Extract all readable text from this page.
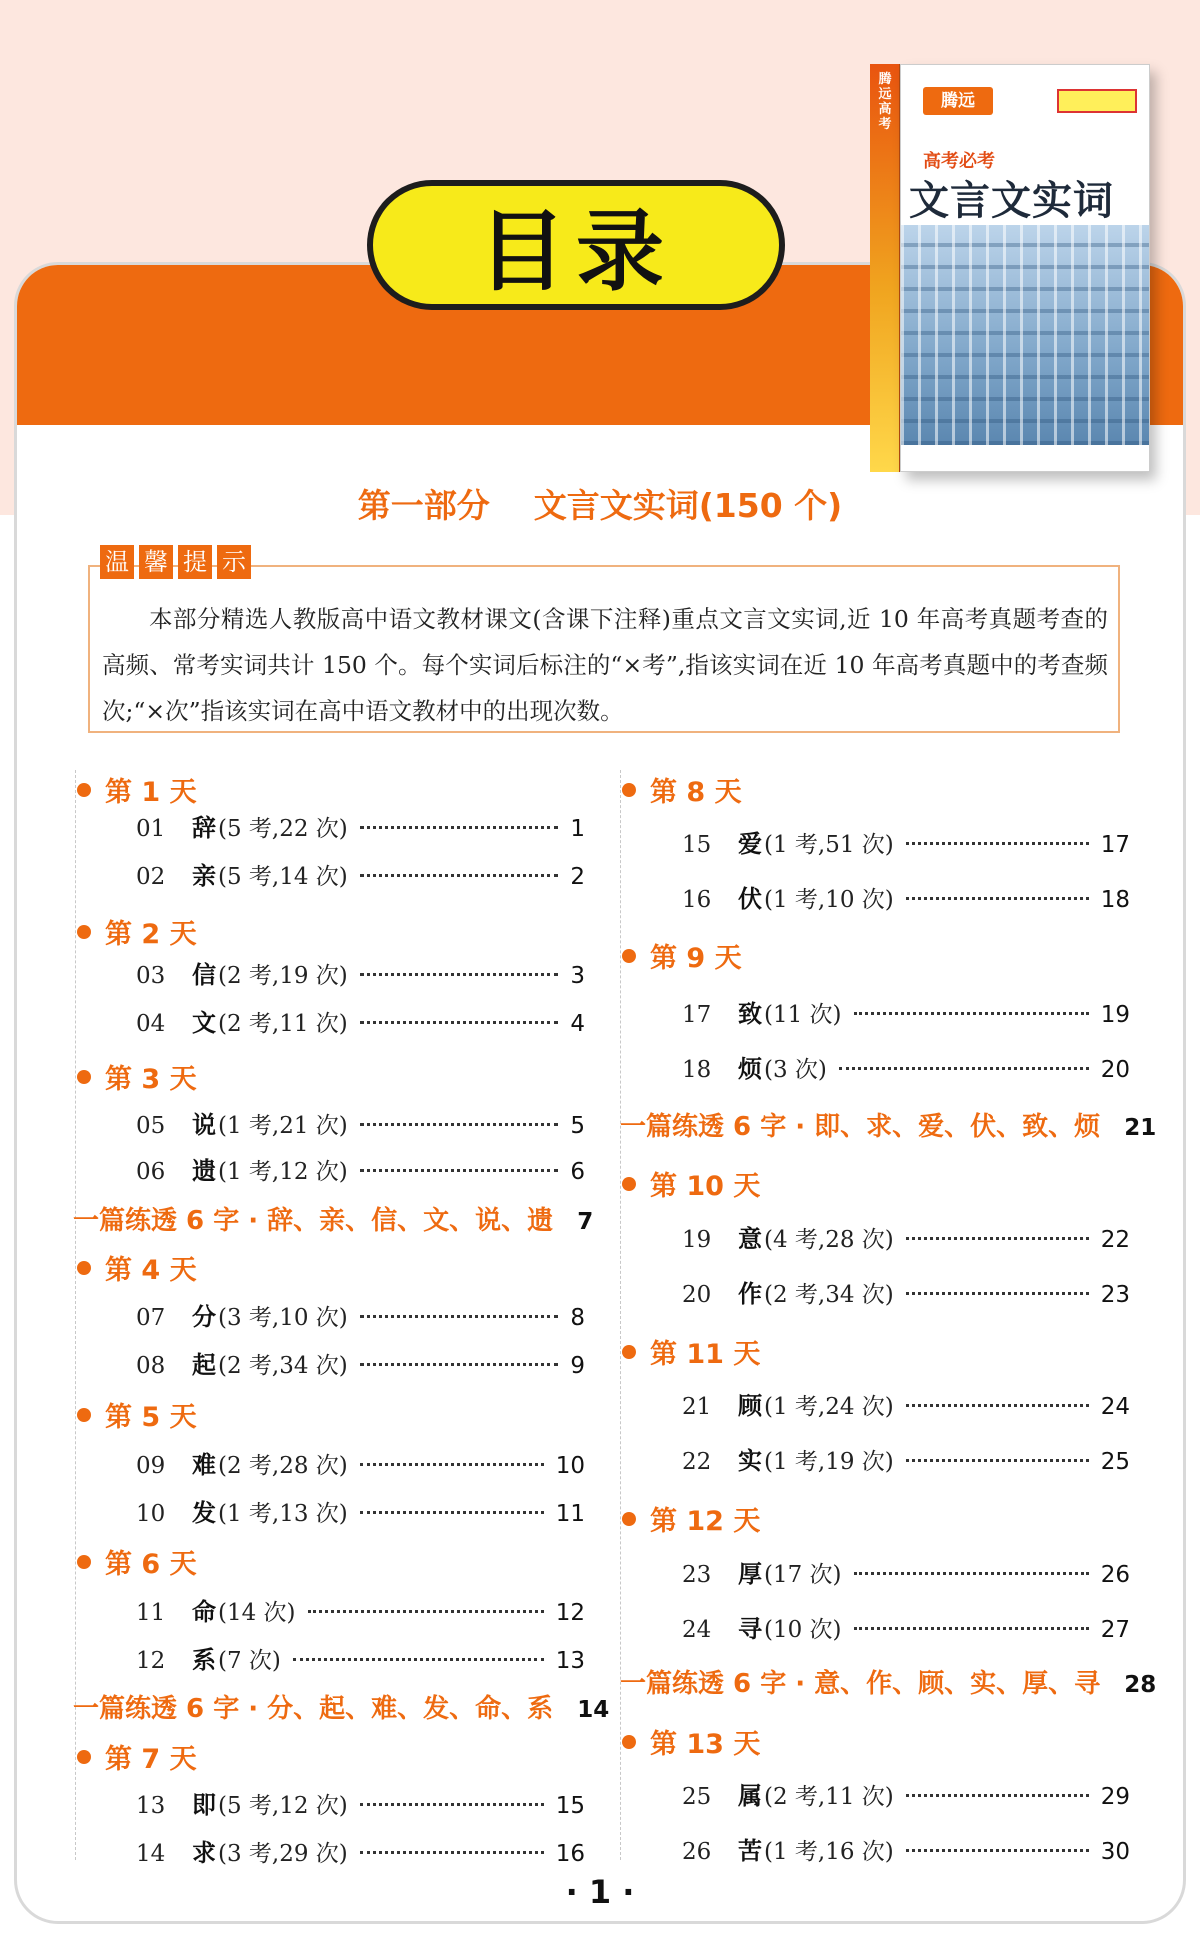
目录
腾远高考
腾远
高考必考
文言文实词
第一部分 文言文实词(150 个)
温 馨 提 示
本部分精选人教版高中语文教材课文(含课下注释)重点文言文实词,近 10 年高考真题考查的高频、常考实词共计 150 个。每个实词后标注的“×考”,指该实词在近 10 年高考真题中的考查频次;“×次”指该实词在高中语文教材中的出现次数。
第 1 天
01	辞 (5 考,22 次)	1
02	亲 (5 考,14 次)	2
第 2 天
03	信 (2 考,19 次)	3
04	文 (2 考,11 次)	4
第 3 天
05	说 (1 考,21 次)	5
06	遗 (1 考,12 次)	6
一篇练透 6 字 · 辞、亲、信、文、说、遗 7
第 4 天
07	分 (3 考,10 次)	8
08	起 (2 考,34 次)	9
第 5 天
09	难 (2 考,28 次)	10
10	发 (1 考,13 次)	11
第 6 天
11	命 (14 次)	12
12	系 (7 次)	13
一篇练透 6 字 · 分、起、难、发、命、系 14
第 7 天
13	即 (5 考,12 次)	15
14	求 (3 考,29 次)	16
第 8 天
15	爱 (1 考,51 次)	17
16	伏 (1 考,10 次)	18
第 9 天
17	致 (11 次)	19
18	烦 (3 次)	20
一篇练透 6 字 · 即、求、爱、伏、致、烦 21
第 10 天
19	意 (4 考,28 次)	22
20	作 (2 考,34 次)	23
第 11 天
21	顾 (1 考,24 次)	24
22	实 (1 考,19 次)	25
第 12 天
23	厚 (17 次)	26
24	寻 (10 次)	27
一篇练透 6 字 · 意、作、顾、实、厚、寻 28
第 13 天
25	属 (2 考,11 次)	29
26	苦 (1 考,16 次)	30
· 1 ·
